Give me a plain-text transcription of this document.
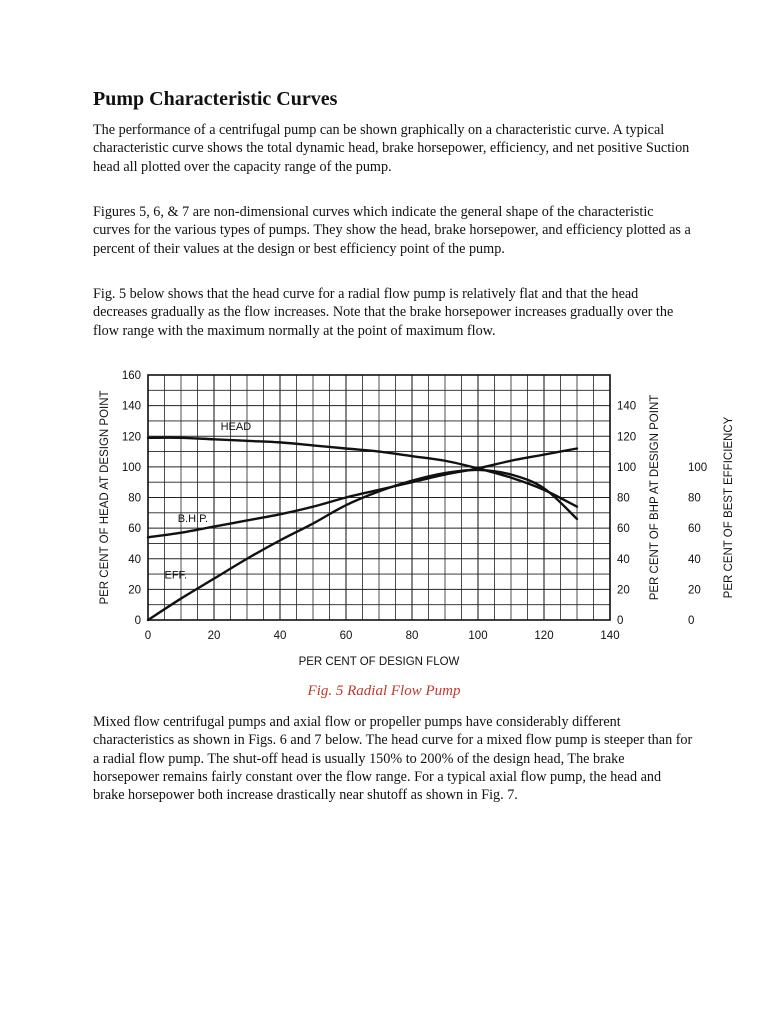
Pump Characteristic Curves

The performance of a centrifugal pump can be shown graphically on a characteristic curve. A typical characteristic curve shows the total dynamic head, brake horsepower, efficiency, and net positive Suction head all plotted over the capacity range of the pump.

Figures 5, 6, & 7 are non-dimensional curves which indicate the general shape of the characteristic curves for the various types of pumps. They show the head, brake horsepower, and efficiency plotted as a percent of their values at the design or best efficiency point of the pump.

Fig. 5 below shows that the head curve for a radial flow pump is relatively flat and that the head decreases gradually as the flow increases. Note that the brake horsepower increases gradually over the flow range with the maximum normally at the point of maximum flow.

0	20	40	60	80	100	120	140
0
20
40
60
80
100
120
140
160
0
20
40
60
80
100
120
140
0
20
40
60
80
100
PER CENT OF DESIGN FLOW
PER CENT OF HEAD AT DESIGN POINT	PER CENT OF BHP AT DESIGN POINT	PER CENT OF BEST EFFICIENCY
HEAD
B.H.P.
EFF.

Fig. 5 Radial Flow Pump

Mixed flow centrifugal pumps and axial flow or propeller pumps have considerably different characteristics as shown in Figs. 6 and 7 below. The head curve for a mixed flow pump is steeper than for a radial flow pump. The shut-off head is usually 150% to 200% of the design head, The brake horsepower remains fairly constant over the flow range. For a typical axial flow pump, the head and brake horsepower both increase drastically near shutoff as shown in Fig. 7.
